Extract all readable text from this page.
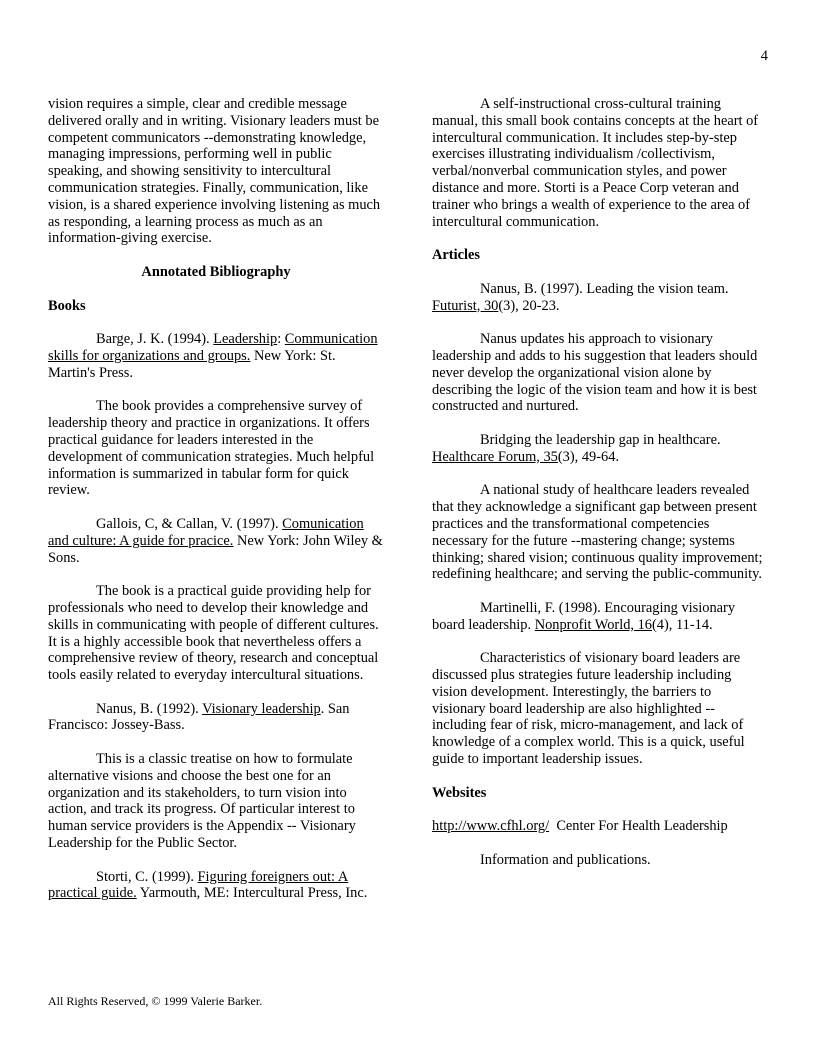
4

vision requires a simple, clear and credible message delivered orally and in writing. Visionary leaders must be competent communicators --demonstrating knowledge, managing impressions, performing well in public speaking, and showing sensitivity to intercultural communication strategies. Finally, communication, like vision, is a shared experience involving listening as much as responding, a learning process as much as an information-giving exercise.

Annotated Bibliography

Books

Barge, J. K. (1994). Leadership: Communication skills for organizations and groups. New York: St. Martin's Press.

The book provides a comprehensive survey of leadership theory and practice in organizations. It offers practical guidance for leaders interested in the development of communication strategies. Much helpful information is summarized in tabular form for quick review.

Gallois, C, & Callan, V. (1997). Comunication and culture: A guide for pracice. New York: John Wiley & Sons.

The book is a practical guide providing help for professionals who need to develop their knowledge and skills in communicating with people of different cultures. It is a highly accessible book that nevertheless offers a comprehensive review of theory, research and conceptual tools easily related to everyday intercultural situations.

Nanus, B. (1992). Visionary leadership. San Francisco: Jossey-Bass.

This is a classic treatise on how to formulate alternative visions and choose the best one for an organization and its stakeholders, to turn vision into action, and track its progress. Of particular interest to human service providers is the Appendix -- Visionary Leadership for the Public Sector.

Storti, C. (1999). Figuring foreigners out: A practical guide. Yarmouth, ME: Intercultural Press, Inc.

A self-instructional cross-cultural training manual, this small book contains concepts at the heart of intercultural communication. It includes step-by-step exercises illustrating individualism /collectivism, verbal/nonverbal communication styles, and power distance and more. Storti is a Peace Corp veteran and trainer who brings a wealth of experience to the area of intercultural communication.

Articles

Nanus, B. (1997). Leading the vision team. Futurist, 30(3), 20-23.

Nanus updates his approach to visionary leadership and adds to his suggestion that leaders should never develop the organizational vision alone by describing the logic of the vision team and how it is best constructed and nurtured.

Bridging the leadership gap in healthcare. Healthcare Forum, 35(3), 49-64.

A national study of healthcare leaders revealed that they acknowledge a significant gap between present practices and the transformational competencies necessary for the future --mastering change; systems thinking; shared vision; continuous quality improvement; redefining healthcare; and serving the public-community.

Martinelli, F. (1998). Encouraging visionary board leadership. Nonprofit World, 16(4), 11-14.

Characteristics of visionary board leaders are discussed plus strategies future leadership including vision development. Interestingly, the barriers to visionary board leadership are also highlighted -- including fear of risk, micro-management, and lack of knowledge of a complex world. This is a quick, useful guide to important leadership issues.

Websites

http://www.cfhl.org/  Center For Health Leadership

Information and publications.

All Rights Reserved, © 1999 Valerie Barker.
